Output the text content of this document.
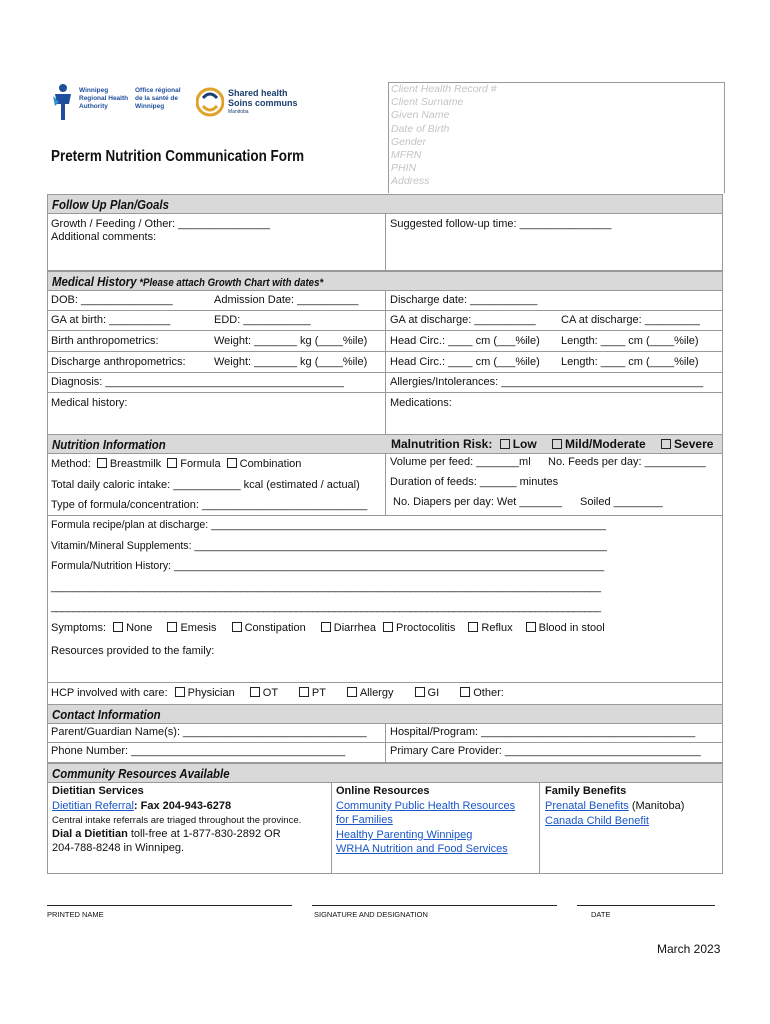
Winnipeg Regional Health Authority
Office régional de la santé de Winnipeg
Shared health
Soins communs
Manitoba
Client Health Record #
Client Surname
Given Name
Date of Birth
Gender
MFRN
PHIN
Address
Preterm Nutrition Communication Form
Follow Up Plan/Goals
Growth / Feeding / Other: _______________
Additional comments:
Suggested follow-up time: _______________
Medical History *Please attach Growth Chart with dates*
DOB: _______________	Admission Date: __________	Discharge date: ___________
GA at birth: __________	EDD: ___________	GA at discharge: __________ CA at discharge: _________
Birth anthropometrics:	Weight: _______ kg (____%ile) Head Circ.: ____ cm (___%ile) Length: ____ cm (____%ile)
Discharge anthropometrics:	Weight: _______ kg (____%ile) Head Circ.: ____ cm (___%ile) Length: ____ cm (____%ile)
Diagnosis: _______________________________________	Allergies/Intolerances: _________________________________
Medical history:	Medications:
Nutrition Information	Malnutrition Risk: Low Mild/Moderate Severe
Method: Breastmilk Formula Combination	Volume per feed: _______ml No. Feeds per day: __________
Total daily caloric intake: ___________ kcal (estimated / actual)	Duration of feeds: ______ minutes
Type of formula/concentration: ___________________________ No. Diapers per day: Wet _______ Soiled ________
Formula recipe/plan at discharge: ___________________________________________________________________
Vitamin/Mineral Supplements: ______________________________________________________________________
Formula/Nutrition History: _________________________________________________________________________
_____________________________________________________________________________________________________
_____________________________________________________________________________________________________
Symptoms: None	Emesis	Constipation	Diarrhea Proctocolitis Reflux Blood in stool
Resources provided to the family:
HCP involved with care: Physician	OT	PT	Allergy	GI	Other:
Contact Information
Parent/Guardian Name(s): ______________________________ Hospital/Program: ___________________________________
Phone Number: ___________________________________	Primary Care Provider: ________________________________
Community Resources Available
Dietitian Services
Dietitian Referral: Fax 204-943-6278
Central intake referrals are triaged throughout the province.
Dial a Dietitian toll-free at 1-877-830-2892 OR
204-788-8248 in Winnipeg.
Online Resources
Community Public Health Resources
for Families
Healthy Parenting Winnipeg
WRHA Nutrition and Food Services
Family Benefits
Prenatal Benefits (Manitoba)
Canada Child Benefit
PRINTED NAME	SIGNATURE AND DESIGNATION	DATE
March 2023
